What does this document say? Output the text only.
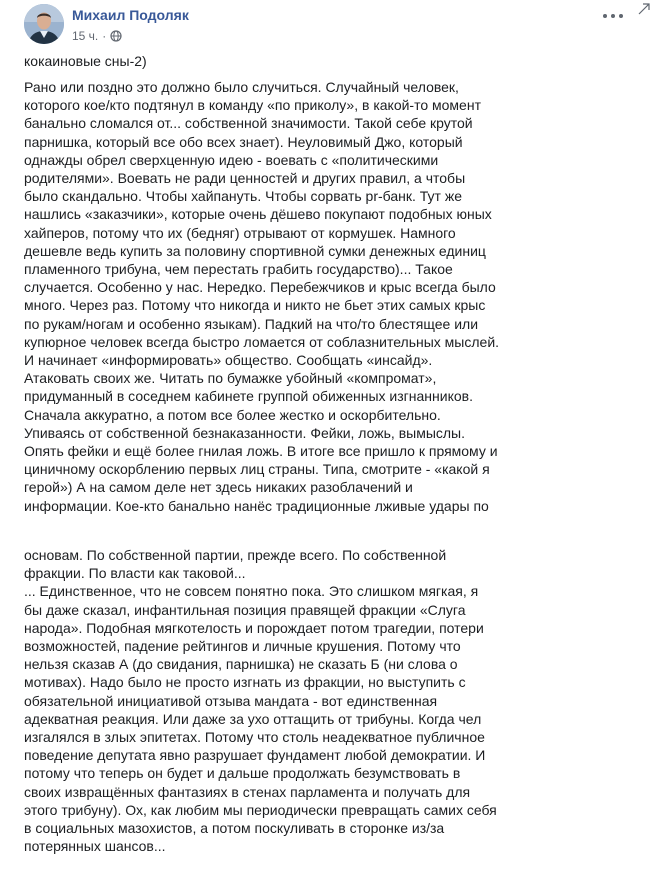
Михаил Подоляк
15 ч. ·
кокаиновые сны-2)
Рано или поздно это должно было случиться. Случайный человек,
которого кое/кто подтянул в команду «по приколу», в какой-то момент
банально сломался от... собственной значимости. Такой себе крутой
парнишка, который все обо всех знает). Неуловимый Джо, который
однажды обрел сверхценную идею - воевать с «политическими
родителями». Воевать не ради ценностей и других правил, а чтобы
было скандально. Чтобы хайпануть. Чтобы сорвать pr-банк. Тут же
нашлись «заказчики», которые очень дёшево покупают подобных юных
хайперов, потому что их (бедняг) отрывают от кормушек. Намного
дешевле ведь купить за половину спортивной сумки денежных единиц
пламенного трибуна, чем перестать грабить государство)... Такое
случается. Особенно у нас. Нередко. Перебежчиков и крыс всегда было
много. Через раз. Потому что никогда и никто не бьет этих самых крыс
по рукам/ногам и особенно языкам). Падкий на что/то блестящее или
купюрное человек всегда быстро ломается от соблазнительных мыслей.
И начинает «информировать» общество. Сообщать «инсайд».
Атаковать своих же. Читать по бумажке убойный «компромат»,
придуманный в соседнем кабинете группой обиженных изгнанников.
Сначала аккуратно, а потом все более жестко и оскорбительно.
Упиваясь от собственной безнаказанности. Фейки, ложь, вымыслы.
Опять фейки и ещё более гнилая ложь. В итоге все пришло к прямому и
циничному оскорблению первых лиц страны. Типа, смотрите - «какой я
герой») А на самом деле нет здесь никаких разоблачений и
информации. Кое-кто банально нанёс традиционные лживые удары по
основам. По собственной партии, прежде всего. По собственной
фракции. По власти как таковой...
... Единственное, что не совсем понятно пока. Это слишком мягкая, я
бы даже сказал, инфантильная позиция правящей фракции «Слуга
народа». Подобная мягкотелость и порождает потом трагедии, потери
возможностей, падение рейтингов и личные крушения. Потому что
нельзя сказав А (до свидания, парнишка) не сказать Б (ни слова о
мотивах). Надо было не просто изгнать из фракции, но выступить с
обязательной инициативой отзыва мандата - вот единственная
адекватная реакция. Или даже за ухо оттащить от трибуны. Когда чел
изгалялся в злых эпитетах. Потому что столь неадекватное публичное
поведение депутата явно разрушает фундамент любой демократии. И
потому что теперь он будет и дальше продолжать безумствовать в
своих извращённых фантазиях в стенах парламента и получать для
этого трибуну). Ох, как любим мы периодически превращать самих себя
в социальных мазохистов, а потом поскуливать в сторонке из/за
потерянных шансов...
